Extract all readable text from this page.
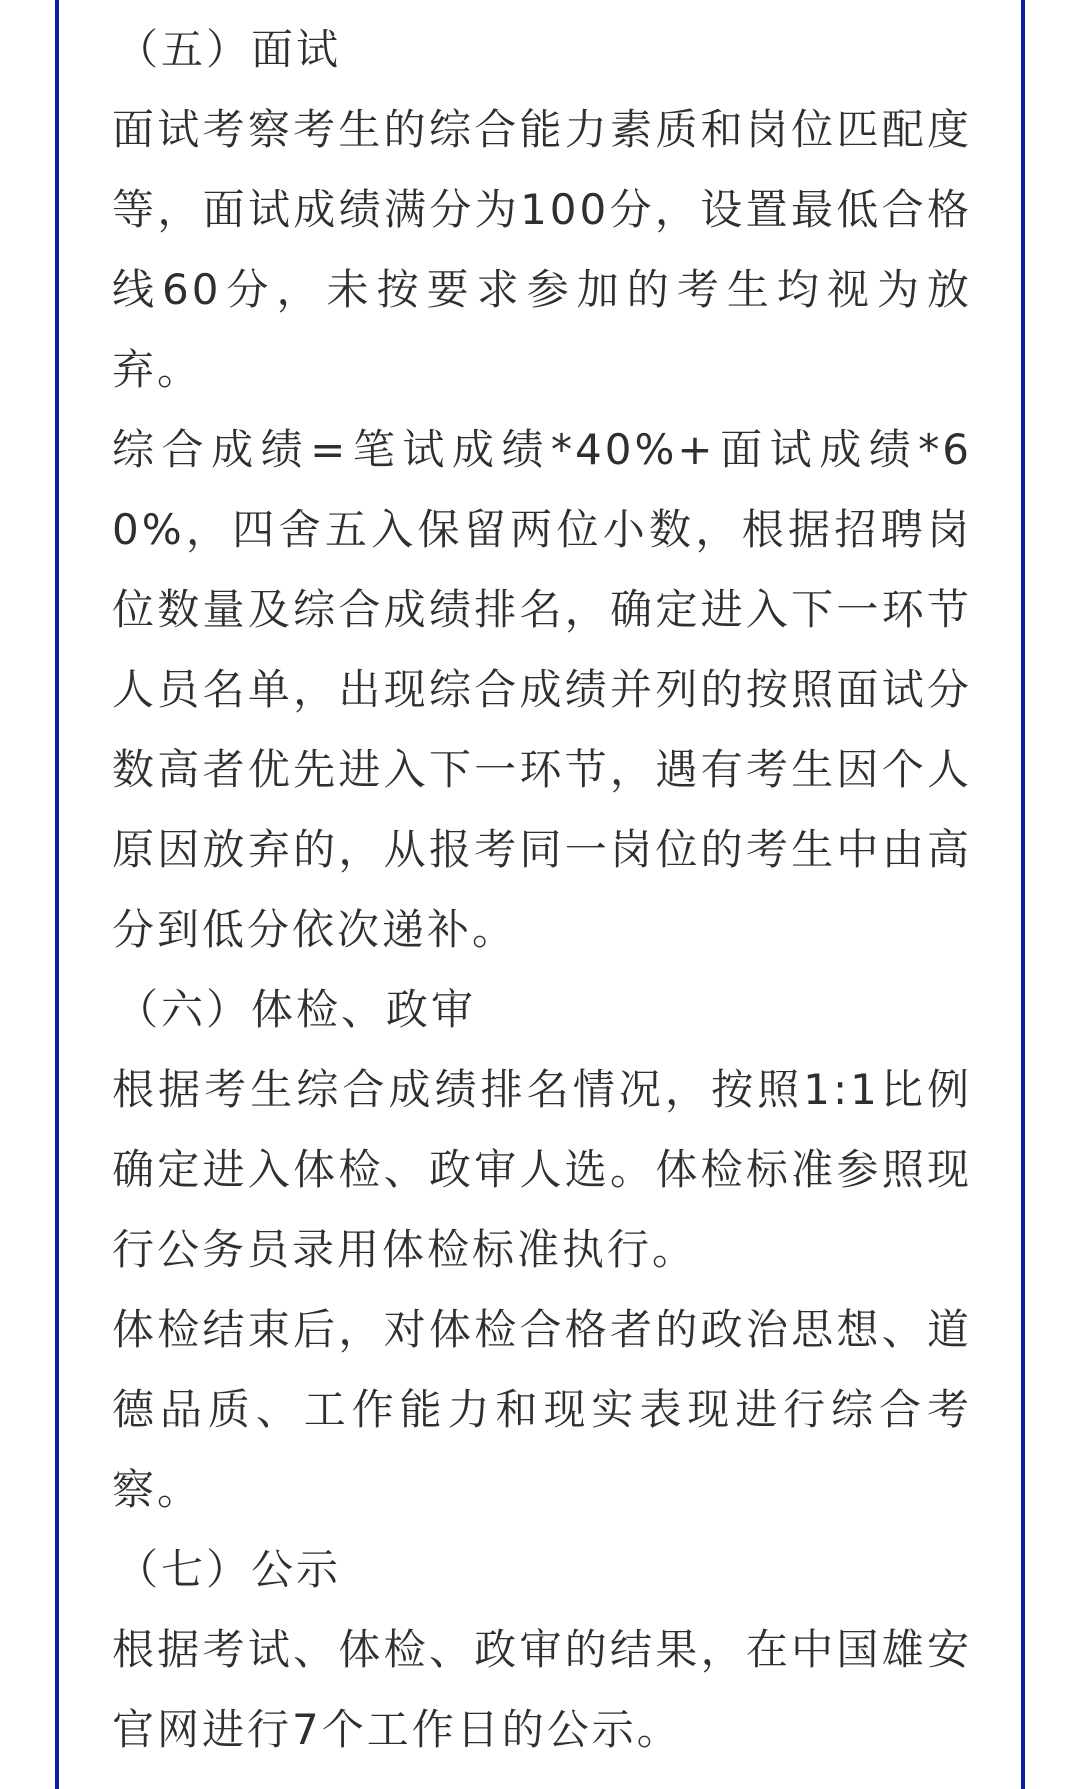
（五）面试

面试考察考生的综合能力素质和岗位匹配度等，面试成绩满分为100分，设置最低合格线60分，未按要求参加的考生均视为放弃。

综合成绩=笔试成绩*40%+面试成绩*60%，四舍五入保留两位小数，根据招聘岗位数量及综合成绩排名，确定进入下一环节人员名单，出现综合成绩并列的按照面试分数高者优先进入下一环节，遇有考生因个人原因放弃的，从报考同一岗位的考生中由高分到低分依次递补。

（六）体检、政审

根据考生综合成绩排名情况，按照1:1比例确定进入体检、政审人选。体检标准参照现行公务员录用体检标准执行。

体检结束后，对体检合格者的政治思想、道德品质、工作能力和现实表现进行综合考察。

（七）公示

根据考试、体检、政审的结果，在中国雄安官网进行7个工作日的公示。
